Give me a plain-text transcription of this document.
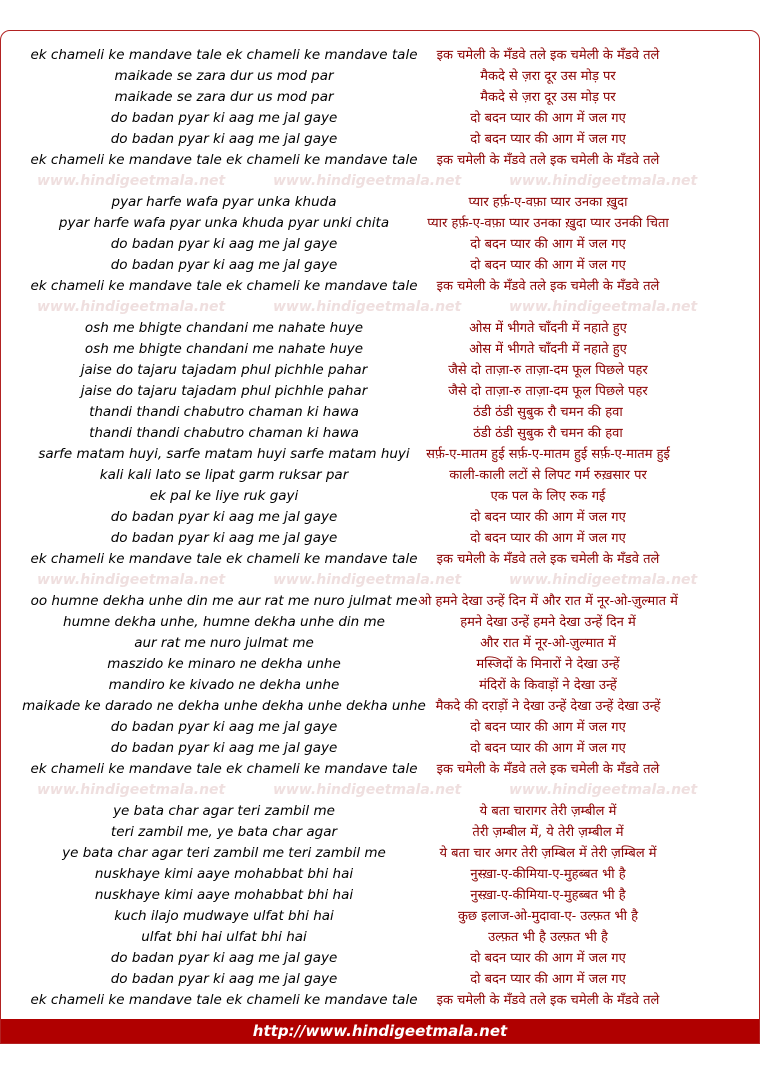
ek chameli ke mandave tale ek chameli ke mandave tale	इक चमेली के मँडवे तले इक चमेली के मँडवे तले
maikade se zara dur us mod par	मैकदे से ज़रा दूर उस मोड़ पर
maikade se zara dur us mod par	मैकदे से ज़रा दूर उस मोड़ पर
do badan pyar ki aag me jal gaye	दो बदन प्यार की आग में जल गए
do badan pyar ki aag me jal gaye	दो बदन प्यार की आग में जल गए
ek chameli ke mandave tale ek chameli ke mandave tale	इक चमेली के मँडवे तले इक चमेली के मँडवे तले
www.hindigeetmala.net	www.hindigeetmala.net	www.hindigeetmala.net
pyar harfe wafa pyar unka khuda	प्यार हर्फ़-ए-वफ़ा प्यार उनका ख़ुदा
pyar harfe wafa pyar unka khuda pyar unki chita	प्यार हर्फ़-ए-वफ़ा प्यार उनका ख़ुदा प्यार उनकी चिता
do badan pyar ki aag me jal gaye	दो बदन प्यार की आग में जल गए
do badan pyar ki aag me jal gaye	दो बदन प्यार की आग में जल गए
ek chameli ke mandave tale ek chameli ke mandave tale	इक चमेली के मँडवे तले इक चमेली के मँडवे तले
www.hindigeetmala.net	www.hindigeetmala.net	www.hindigeetmala.net
osh me bhigte chandani me nahate huye	ओस में भीगते चाँदनी में नहाते हुए
osh me bhigte chandani me nahate huye	ओस में भीगते चाँदनी में नहाते हुए
jaise do tajaru tajadam phul pichhle pahar	जैसे दो ताज़ा-रु ताज़ा-दम फूल पिछले पहर
jaise do tajaru tajadam phul pichhle pahar	जैसे दो ताज़ा-रु ताज़ा-दम फूल पिछले पहर
thandi thandi chabutro chaman ki hawa	ठंडी ठंडी सुबुक रौ चमन की हवा
thandi thandi chabutro chaman ki hawa	ठंडी ठंडी सुबुक रौ चमन की हवा
sarfe matam huyi, sarfe matam huyi sarfe matam huyi	सर्फ़-ए-मातम हुई सर्फ़-ए-मातम हुई सर्फ़-ए-मातम हुई
kali kali lato se lipat garm ruksar par	काली-काली लटों से लिपट गर्म रुख़सार पर
ek pal ke liye ruk gayi	एक पल के लिए रुक गई
do badan pyar ki aag me jal gaye	दो बदन प्यार की आग में जल गए
do badan pyar ki aag me jal gaye	दो बदन प्यार की आग में जल गए
ek chameli ke mandave tale ek chameli ke mandave tale	इक चमेली के मँडवे तले इक चमेली के मँडवे तले
www.hindigeetmala.net	www.hindigeetmala.net	www.hindigeetmala.net
oo humne dekha unhe din me aur rat me nuro julmat me ओ हमने देखा उन्हें दिन में और रात में नूर-ओ-ज़ुल्मात में
humne dekha unhe, humne dekha unhe din me	हमने देखा उन्हें हमने देखा उन्हें दिन में
aur rat me nuro julmat me	और रात में नूर-ओ-ज़ुल्मात में
maszido ke minaro ne dekha unhe	मस्जिदों के मिनारों ने देखा उन्हें
mandiro ke kivado ne dekha unhe	मंदिरों के किवाड़ों ने देखा उन्हें
maikade ke darado ne dekha unhe dekha unhe dekha unhe मैकदे की दराड़ों ने देखा उन्हें देखा उन्हें देखा उन्हें
do badan pyar ki aag me jal gaye	दो बदन प्यार की आग में जल गए
do badan pyar ki aag me jal gaye	दो बदन प्यार की आग में जल गए
ek chameli ke mandave tale ek chameli ke mandave tale	इक चमेली के मँडवे तले इक चमेली के मँडवे तले
www.hindigeetmala.net	www.hindigeetmala.net	www.hindigeetmala.net
ye bata char agar teri zambil me	ये बता चारागर तेरी ज़म्बील में
teri zambil me, ye bata char agar	तेरी ज़म्बील में, ये तेरी ज़म्बील में
ye bata char agar teri zambil me teri zambil me	ये बता चार अगर तेरी ज़म्बिल में तेरी ज़म्बिल में
nuskhaye kimi aaye mohabbat bhi hai	नुस्ख़ा-ए-कीमिया-ए-मुहब्बत भी है
nuskhaye kimi aaye mohabbat bhi hai	नुस्ख़ा-ए-कीमिया-ए-मुहब्बत भी है
kuch ilajo mudwaye ulfat bhi hai	कुछ इलाज-ओ-मुदावा-ए- उल्फ़त भी है
ulfat bhi hai ulfat bhi hai	उल्फ़त भी है उल्फ़त भी है
do badan pyar ki aag me jal gaye	दो बदन प्यार की आग में जल गए
do badan pyar ki aag me jal gaye	दो बदन प्यार की आग में जल गए
ek chameli ke mandave tale ek chameli ke mandave tale	इक चमेली के मँडवे तले इक चमेली के मँडवे तले
http://www.hindigeetmala.net
